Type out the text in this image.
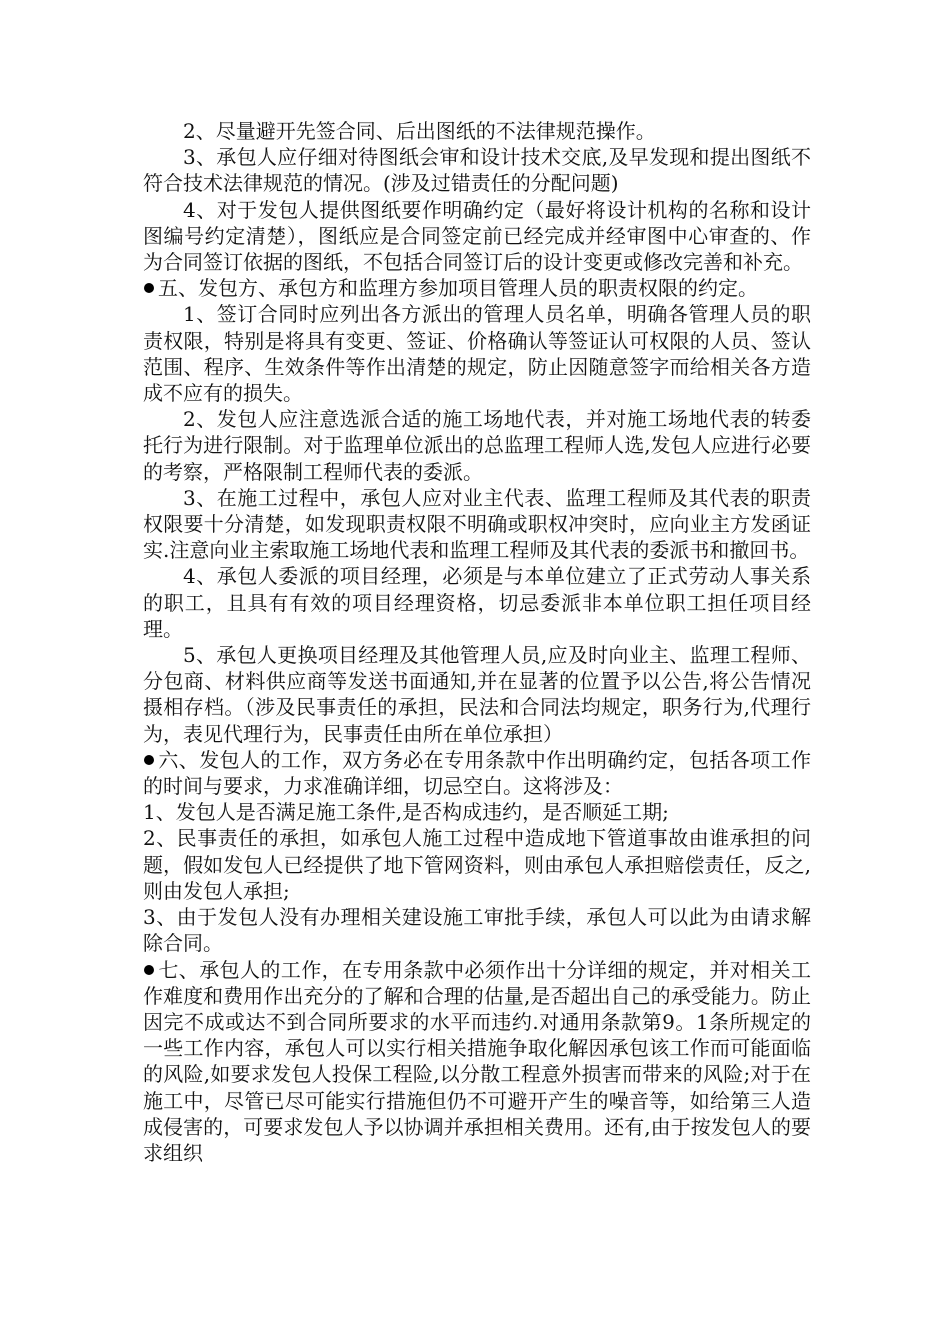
2、尽量避开先签合同、后出图纸的不法律规范操作。

3、承包人应仔细对待图纸会审和设计技术交底,及早发现和提出图纸不符合技术法律规范的情况。(涉及过错责任的分配问题)

4、对于发包人提供图纸要作明确约定（最好将设计机构的名称和设计图编号约定清楚），图纸应是合同签定前已经完成并经审图中心审查的、作为合同签订依据的图纸，不包括合同签订后的设计变更或修改完善和补充。

五、发包方、承包方和监理方参加项目管理人员的职责权限的约定。

1、签订合同时应列出各方派出的管理人员名单，明确各管理人员的职责权限，特别是将具有变更、签证、价格确认等签证认可权限的人员、签认范围、程序、生效条件等作出清楚的规定，防止因随意签字而给相关各方造成不应有的损失。

2、发包人应注意选派合适的施工场地代表，并对施工场地代表的转委托行为进行限制。对于监理单位派出的总监理工程师人选,发包人应进行必要的考察，严格限制工程师代表的委派。

3、在施工过程中，承包人应对业主代表、监理工程师及其代表的职责权限要十分清楚，如发现职责权限不明确或职权冲突时，应向业主方发函证实.注意向业主索取施工场地代表和监理工程师及其代表的委派书和撤回书。

4、承包人委派的项目经理，必须是与本单位建立了正式劳动人事关系的职工，且具有有效的项目经理资格，切忌委派非本单位职工担任项目经理。

5、承包人更换项目经理及其他管理人员,应及时向业主、监理工程师、分包商、材料供应商等发送书面通知,并在显著的位置予以公告,将公告情况摄相存档。（涉及民事责任的承担，民法和合同法均规定，职务行为,代理行为，表见代理行为，民事责任由所在单位承担）

六、发包人的工作，双方务必在专用条款中作出明确约定，包括各项工作的时间与要求，力求准确详细，切忌空白。这将涉及：

1、发包人是否满足施工条件,是否构成违约，是否顺延工期;

2、民事责任的承担，如承包人施工过程中造成地下管道事故由谁承担的问题，假如发包人已经提供了地下管网资料，则由承包人承担赔偿责任，反之,则由发包人承担;

3、由于发包人没有办理相关建设施工审批手续，承包人可以此为由请求解除合同。

七、承包人的工作，在专用条款中必须作出十分详细的规定，并对相关工作难度和费用作出充分的了解和合理的估量,是否超出自己的承受能力。防止因完不成或达不到合同所要求的水平而违约.对通用条款第9。1条所规定的一些工作内容，承包人可以实行相关措施争取化解因承包该工作而可能面临的风险,如要求发包人投保工程险,以分散工程意外损害而带来的风险;对于在施工中，尽管已尽可能实行措施但仍不可避开产生的噪音等，如给第三人造成侵害的，可要求发包人予以协调并承担相关费用。还有,由于按发包人的要求组织
